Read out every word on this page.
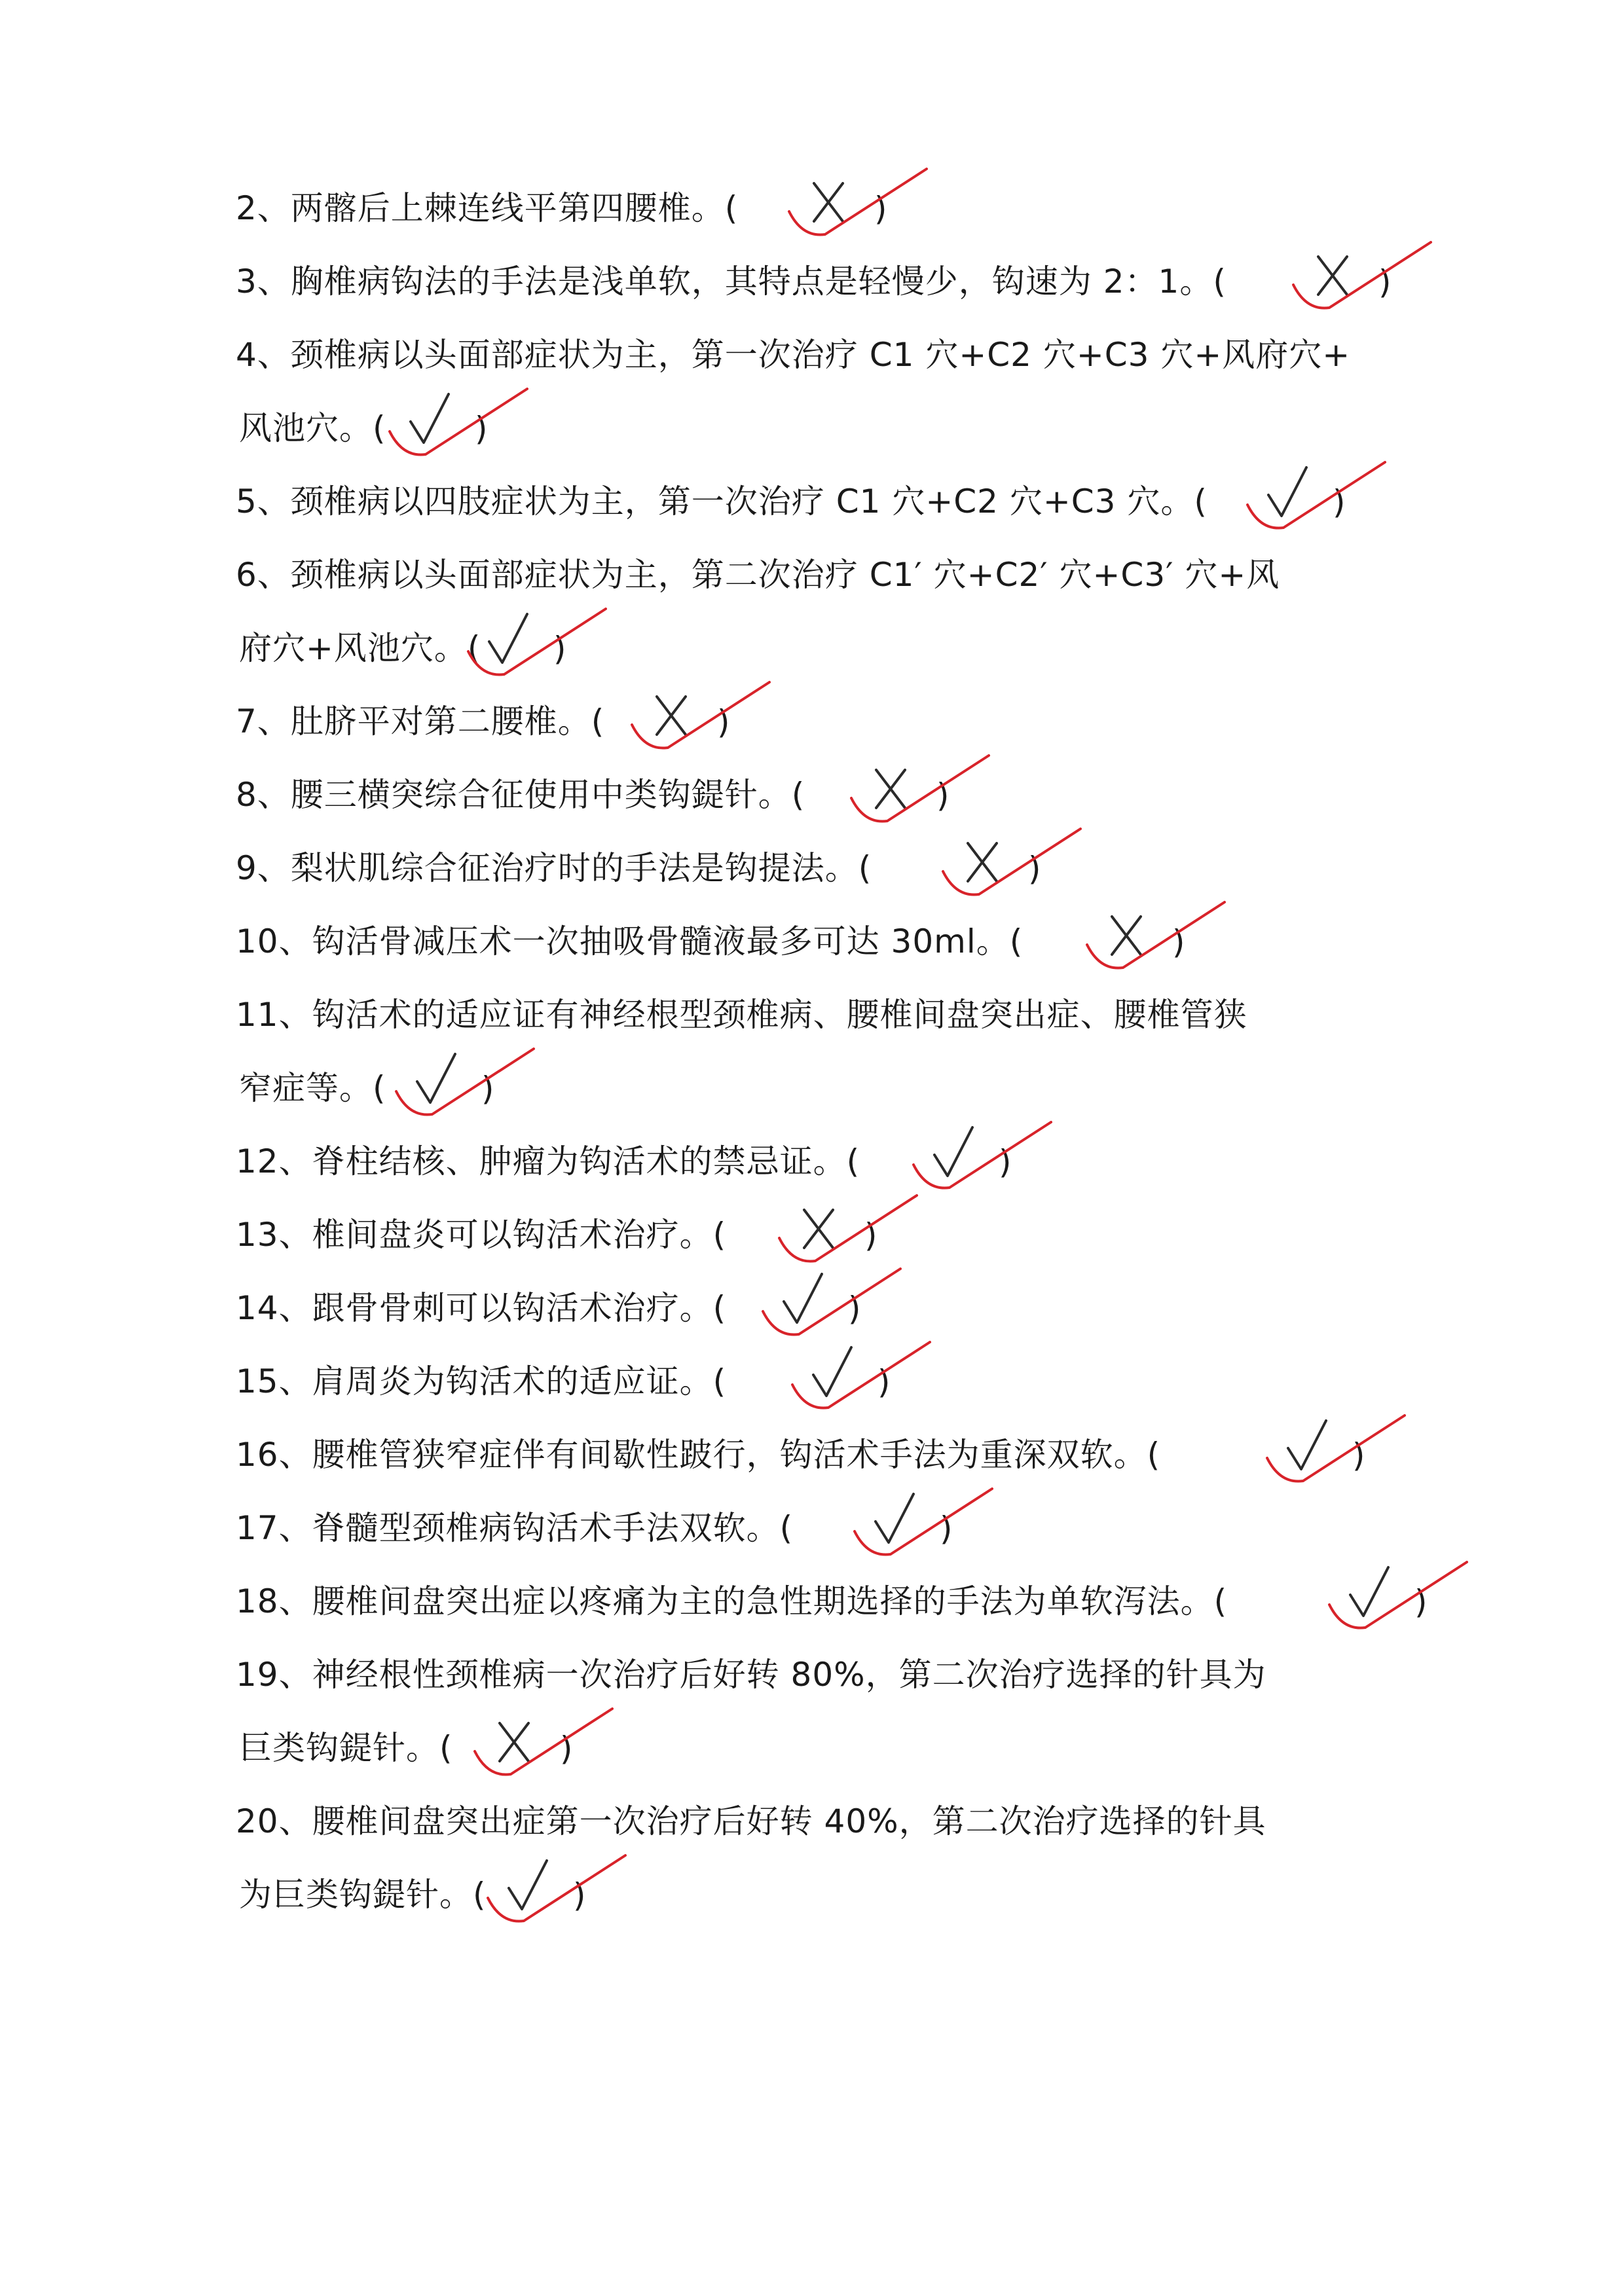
2、两髂后上棘连线平第四腰椎。(
3、胸椎病钩法的手法是浅单软，其特点是轻慢少，钩速为 2：1。(
4、颈椎病以头面部症状为主，第一次治疗 C1 穴+C2 穴+C3 穴+风府穴+
风池穴。(
5、颈椎病以四肢症状为主，第一次治疗 C1 穴+C2 穴+C3 穴。(
6、颈椎病以头面部症状为主，第二次治疗 C1′ 穴+C2′ 穴+C3′ 穴+风
府穴+风池穴。(
7、肚脐平对第二腰椎。(
8、腰三横突综合征使用中类钩鍉针。(
9、梨状肌综合征治疗时的手法是钩提法。(
10、钩活骨减压术一次抽吸骨髓液最多可达 30ml。(
11、钩活术的适应证有神经根型颈椎病、腰椎间盘突出症、腰椎管狭
窄症等。(
12、脊柱结核、肿瘤为钩活术的禁忌证。(
13、椎间盘炎可以钩活术治疗。(
14、跟骨骨刺可以钩活术治疗。(
15、肩周炎为钩活术的适应证。(
16、腰椎管狭窄症伴有间歇性跛行，钩活术手法为重深双软。(
17、脊髓型颈椎病钩活术手法双软。(
18、腰椎间盘突出症以疼痛为主的急性期选择的手法为单软泻法。(
19、神经根性颈椎病一次治疗后好转 80%，第二次治疗选择的针具为
巨类钩鍉针。(
20、腰椎间盘突出症第一次治疗后好转 40%，第二次治疗选择的针具
为巨类钩鍉针。(
)
)
)
)
)
)
)
)
)
)
)
)
)
)
)
)
)
)
)
